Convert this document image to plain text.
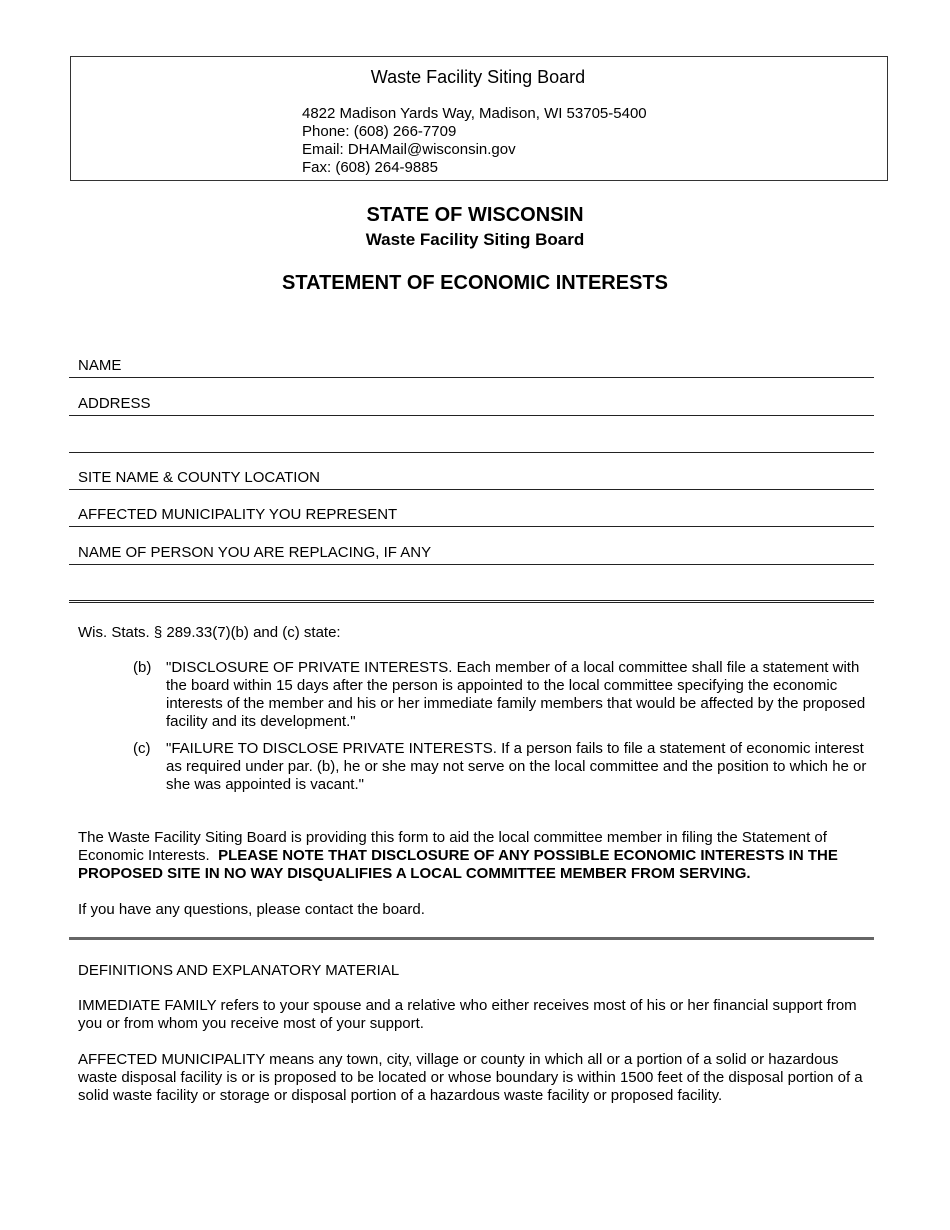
Waste Facility Siting Board
4822 Madison Yards Way, Madison, WI 53705-5400
Phone: (608) 266-7709
Email: DHAMail@wisconsin.gov
Fax: (608) 264-9885
STATE OF WISCONSIN
Waste Facility Siting Board
STATEMENT OF ECONOMIC INTERESTS
NAME
ADDRESS
SITE NAME & COUNTY LOCATION
AFFECTED MUNICIPALITY YOU REPRESENT
NAME OF PERSON YOU ARE REPLACING, IF ANY
Wis. Stats. § 289.33(7)(b) and (c) state:
(b) "DISCLOSURE OF PRIVATE INTERESTS. Each member of a local committee shall file a statement with the board within 15 days after the person is appointed to the local committee specifying the economic interests of the member and his or her immediate family members that would be affected by the proposed facility and its development."
(c) "FAILURE TO DISCLOSE PRIVATE INTERESTS. If a person fails to file a statement of economic interest as required under par. (b), he or she may not serve on the local committee and the position to which he or she was appointed is vacant."
The Waste Facility Siting Board is providing this form to aid the local committee member in filing the Statement of Economic Interests. PLEASE NOTE THAT DISCLOSURE OF ANY POSSIBLE ECONOMIC INTERESTS IN THE PROPOSED SITE IN NO WAY DISQUALIFIES A LOCAL COMMITTEE MEMBER FROM SERVING.
If you have any questions, please contact the board.
DEFINITIONS AND EXPLANATORY MATERIAL
IMMEDIATE FAMILY refers to your spouse and a relative who either receives most of his or her financial support from you or from whom you receive most of your support.
AFFECTED MUNICIPALITY means any town, city, village or county in which all or a portion of a solid or hazardous waste disposal facility is or is proposed to be located or whose boundary is within 1500 feet of the disposal portion of a solid waste facility or storage or disposal portion of a hazardous waste facility or proposed facility.
